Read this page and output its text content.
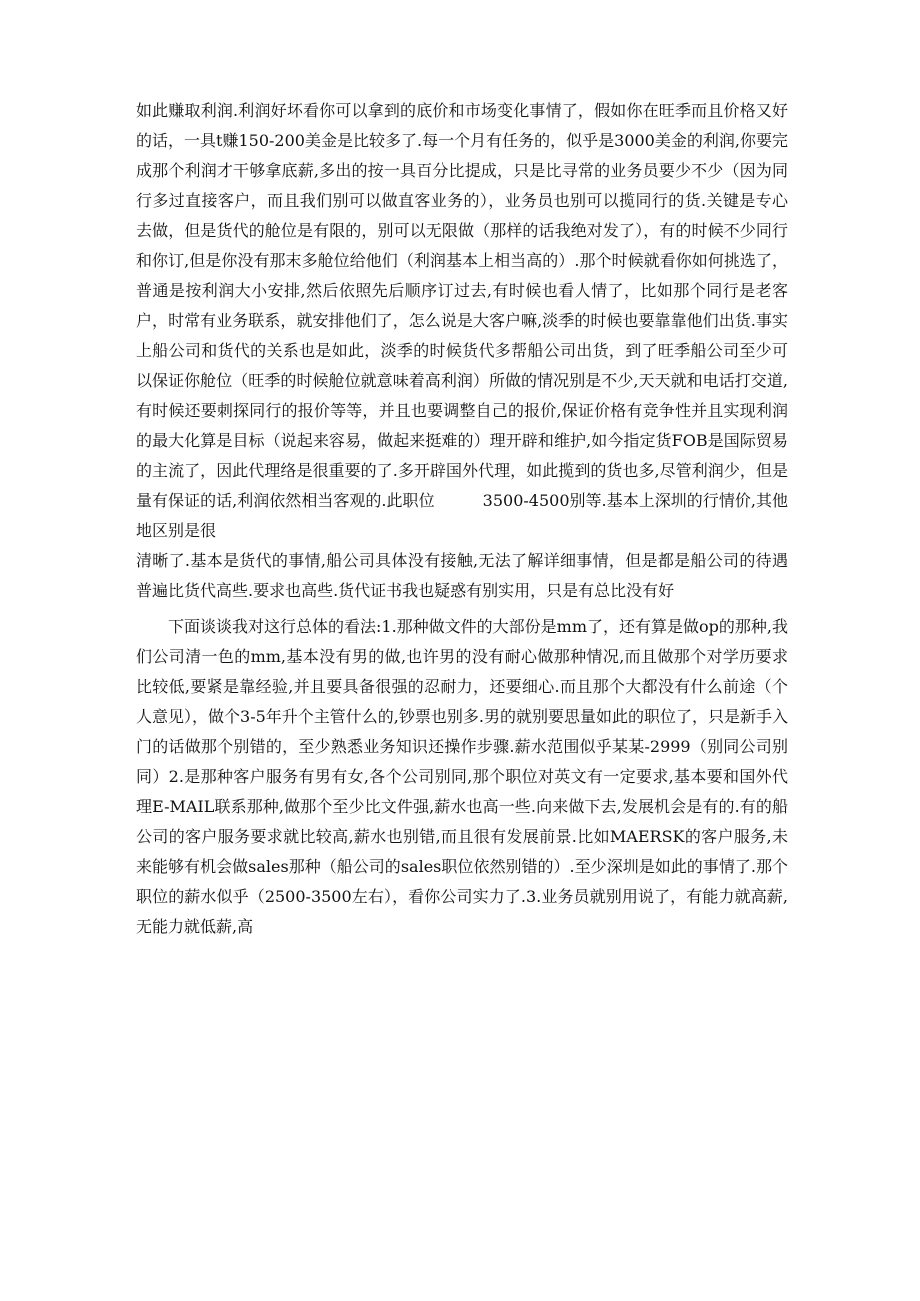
如此赚取利润.利润好坏看你可以拿到的底价和市场变化事情了，假如你在旺季而且价格又好的话，一具t赚150-200美金是比较多了.每一个月有任务的，似乎是3000美金的利润,你要完成那个利润才干够拿底薪,多出的按一具百分比提成，只是比寻常的业务员要少不少（因为同行多过直接客户，而且我们别可以做直客业务的），业务员也别可以揽同行的货.关键是专心去做，但是货代的舱位是有限的，别可以无限做（那样的话我绝对发了），有的时候不少同行和你订,但是你没有那末多舱位给他们（利润基本上相当高的）.那个时候就看你如何挑选了，普通是按利润大小安排,然后依照先后顺序订过去,有时候也看人情了，比如那个同行是老客户，时常有业务联系，就安排他们了，怎么说是大客户嘛,淡季的时候也要靠靠他们出货.事实上船公司和货代的关系也是如此，淡季的时候货代多帮船公司出货，到了旺季船公司至少可以保证你舱位（旺季的时候舱位就意味着高利润）所做的情况别是不少,天天就和电话打交道,有时候还要刺探同行的报价等等，并且也要调整自己的报价,保证价格有竞争性并且实现利润的最大化算是目标（说起来容易，做起来挺难的）理开辟和维护,如今指定货FOB是国际贸易的主流了，因此代理络是很重要的了.多开辟国外代理，如此揽到的货也多,尽管利润少，但是量有保证的话,利润依然相当客观的.此职位　　　3500-4500别等.基本上深圳的行情价,其他地区别是很

清晰了.基本是货代的事情,船公司具体没有接触,无法了解详细事情，但是都是船公司的待遇普遍比货代高些.要求也高些.货代证书我也疑惑有别实用，只是有总比没有好

下面谈谈我对这行总体的看法:1.那种做文件的大部份是mm了，还有算是做op的那种,我们公司清一色的mm,基本没有男的做,也许男的没有耐心做那种情况,而且做那个对学历要求比较低,要紧是靠经验,并且要具备很强的忍耐力，还要细心.而且那个大都没有什么前途（个人意见），做个3-5年升个主管什么的,钞票也别多.男的就别要思量如此的职位了，只是新手入门的话做那个别错的，至少熟悉业务知识还操作步骤.薪水范围似乎某某-2999（别同公司别同）2.是那种客户服务有男有女,各个公司别同,那个职位对英文有一定要求,基本要和国外代理E-MAIL联系那种,做那个至少比文件强,薪水也高一些.向来做下去,发展机会是有的.有的船公司的客户服务要求就比较高,薪水也别错,而且很有发展前景.比如MAERSK的客户服务,未来能够有机会做sales那种（船公司的sales职位依然别错的）.至少深圳是如此的事情了.那个职位的薪水似乎（2500-3500左右），看你公司实力了.3.业务员就别用说了，有能力就高薪,无能力就低薪,高
